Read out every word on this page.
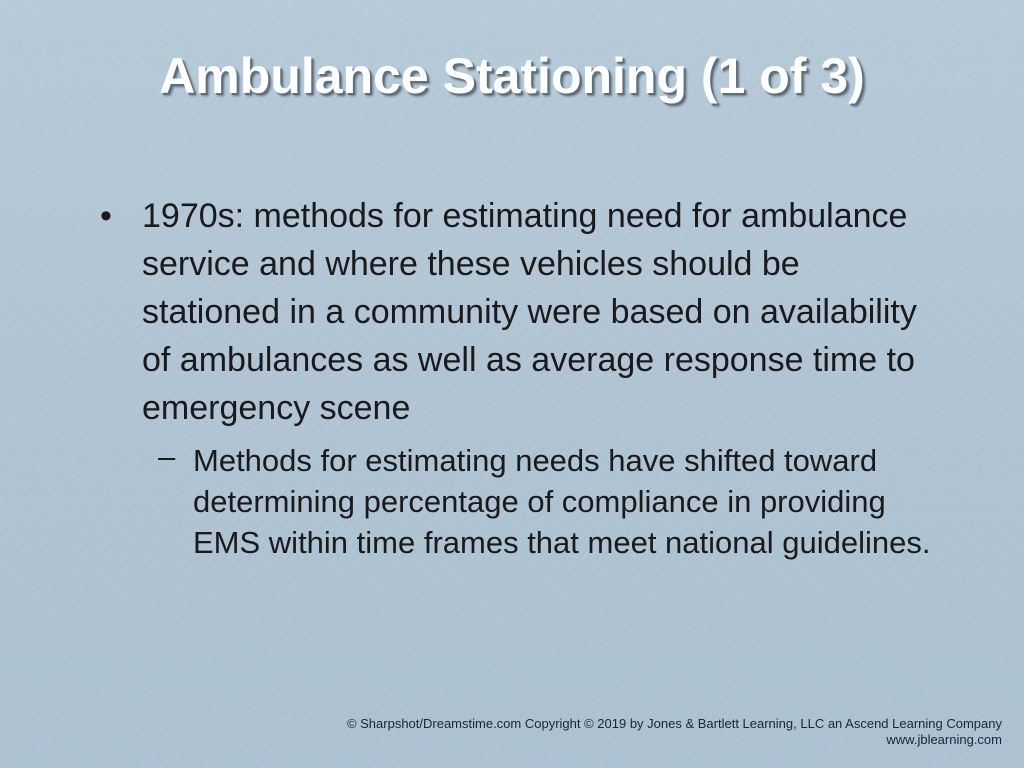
Ambulance Stationing (1 of 3)
• 1970s: methods for estimating need for ambulance service and where these vehicles should be stationed in a community were based on availability of ambulances as well as average response time to emergency scene
– Methods for estimating needs have shifted toward determining percentage of compliance in providing EMS within time frames that meet national guidelines.
© Sharpshot/Dreamstime.com Copyright © 2019 by Jones & Bartlett Learning, LLC an Ascend Learning Company
www.jblearning.com
